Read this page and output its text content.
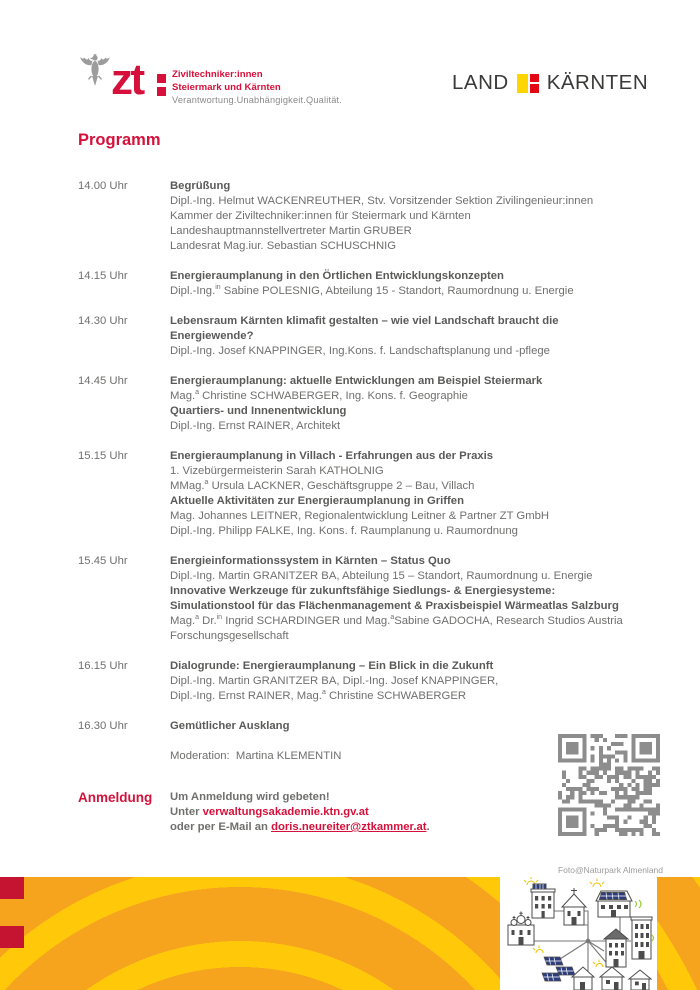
zt	Ziviltechniker:innen
Steiermark und Kärnten
Verantwortung.Unabhängigkeit.Qualität.
LAND KÄRNTEN
Programm
14.00 Uhr	Begrüßung
Dipl.-Ing. Helmut WACKENREUTHER, Stv. Vorsitzender Sektion Zivilingenieur:innen
Kammer der Ziviltechniker:innen für Steiermark und Kärnten
Landeshauptmannstellvertreter Martin GRUBER
Landesrat Mag.iur. Sebastian SCHUSCHNIG
14.15 Uhr	Energieraumplanung in den Örtlichen Entwicklungskonzepten
Dipl.-Ing.$^{in}$ Sabine POLESNIG, Abteilung 15 - Standort, Raumordnung u. Energie
14.30 Uhr	Lebensraum Kärnten klimafit gestalten – wie viel Landschaft braucht die
Energiewende?
Dipl.-Ing. Josef KNAPPINGER, Ing.Kons. f. Landschaftsplanung und -pflege
14.45 Uhr	Energieraumplanung: aktuelle Entwicklungen am Beispiel Steiermark
Mag.$^a$ Christine SCHWABERGER, Ing. Kons. f. Geographie
Quartiers- und Innenentwicklung
Dipl.-Ing. Ernst RAINER, Architekt
15.15 Uhr	Energieraumplanung in Villach - Erfahrungen aus der Praxis
1. Vizebürgermeisterin Sarah KATHOLNIG
MMag.$^a$ Ursula LACKNER, Geschäftsgruppe 2 – Bau, Villach
Aktuelle Aktivitäten zur Energieraumplanung in Griffen
Mag. Johannes LEITNER, Regionalentwicklung Leitner & Partner ZT GmbH
Dipl.-Ing. Philipp FALKE, Ing. Kons. f. Raumplanung u. Raumordnung
15.45 Uhr	Energieinformationssystem in Kärnten – Status Quo
Dipl.-Ing. Martin GRANITZER BA, Abteilung 15 – Standort, Raumordnung u. Energie
Innovative Werkzeuge für zukunftsfähige Siedlungs- & Energiesysteme:
Simulationstool für das Flächenmanagement & Praxisbeispiel Wärmeatlas Salzburg
Mag.$^a$ Dr.$^{in}$ Ingrid SCHARDINGER und Mag.$^a$Sabine GADOCHA, Research Studios Austria
Forschungsgesellschaft
16.15 Uhr	Dialogrunde: Energieraumplanung – Ein Blick in die Zukunft
Dipl.-Ing. Martin GRANITZER BA, Dipl.-Ing. Josef KNAPPINGER,
Dipl.-Ing. Ernst RAINER, Mag.$^a$ Christine SCHWABERGER
16.30 Uhr	Gemütlicher Ausklang
Moderation:  Martina KLEMENTIN
Anmeldung	Um Anmeldung wird gebeten!
Unter verwaltungsakademie.ktn.gv.at
oder per E-Mail an doris.neureiter@ztkammer.at.
Foto@Naturpark Almenland
